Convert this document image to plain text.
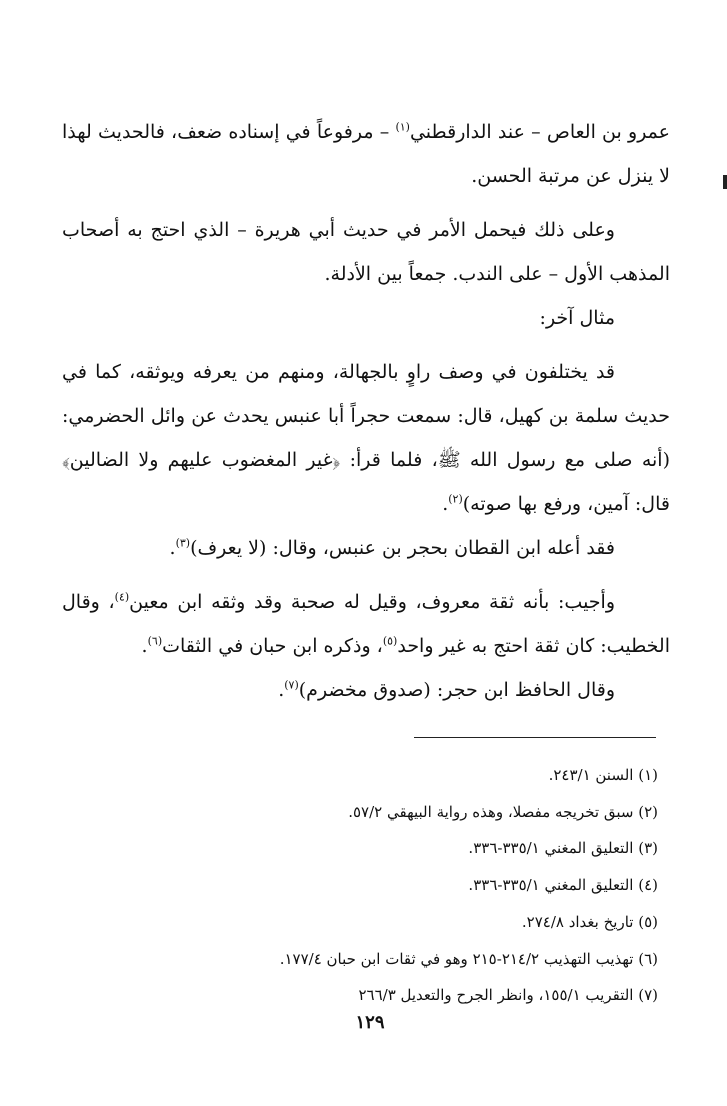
عمرو بن العاص – عند الدارقطني$^{(١)}$ – مرفوعاً في إسناده ضعف، فالحديث لهذا لا ينزل عن مرتبة الحسن.

وعلى ذلك فيحمل الأمر في حديث أبي هريرة – الذي احتج به أصحاب المذهب الأول – على الندب. جمعاً بين الأدلة.

مثال آخر:

قد يختلفون في وصف راوٍ بالجهالة، ومنهم من يعرفه ويوثقه، كما في حديث سلمة بن كهيل، قال: سمعت حجراً أبا عنبس يحدث عن وائل الحضرمي: (أنه صلى مع رسول الله ﷺ، فلما قرأ: ﴿غير المغضوب عليهم ولا الضالين﴾ قال: آمين، ورفع بها صوته)$^{(٢)}$.

فقد أعله ابن القطان بحجر بن عنبس، وقال: (لا يعرف)$^{(٣)}$.

وأجيب: بأنه ثقة معروف، وقيل له صحبة وقد وثقه ابن معين$^{(٤)}$، وقال الخطيب: كان ثقة احتج به غير واحد$^{(٥)}$، وذكره ابن حبان في الثقات$^{(٦)}$.

وقال الحافظ ابن حجر: (صدوق مخضرم)$^{(٧)}$.

(١) السنن ٢٤٣/١.
(٢) سبق تخريجه مفصلا، وهذه رواية البيهقي ٥٧/٢.
(٣) التعليق المغني ٣٣٥/١-٣٣٦.
(٤) التعليق المغني ٣٣٥/١-٣٣٦.
(٥) تاريخ بغداد ٢٧٤/٨.
(٦) تهذيب التهذيب ٢١٤/٢-٢١٥ وهو في ثقات ابن حبان ١٧٧/٤.
(٧) التقريب ١٥٥/١، وانظر الجرح والتعديل ٢٦٦/٣
١٢٩
